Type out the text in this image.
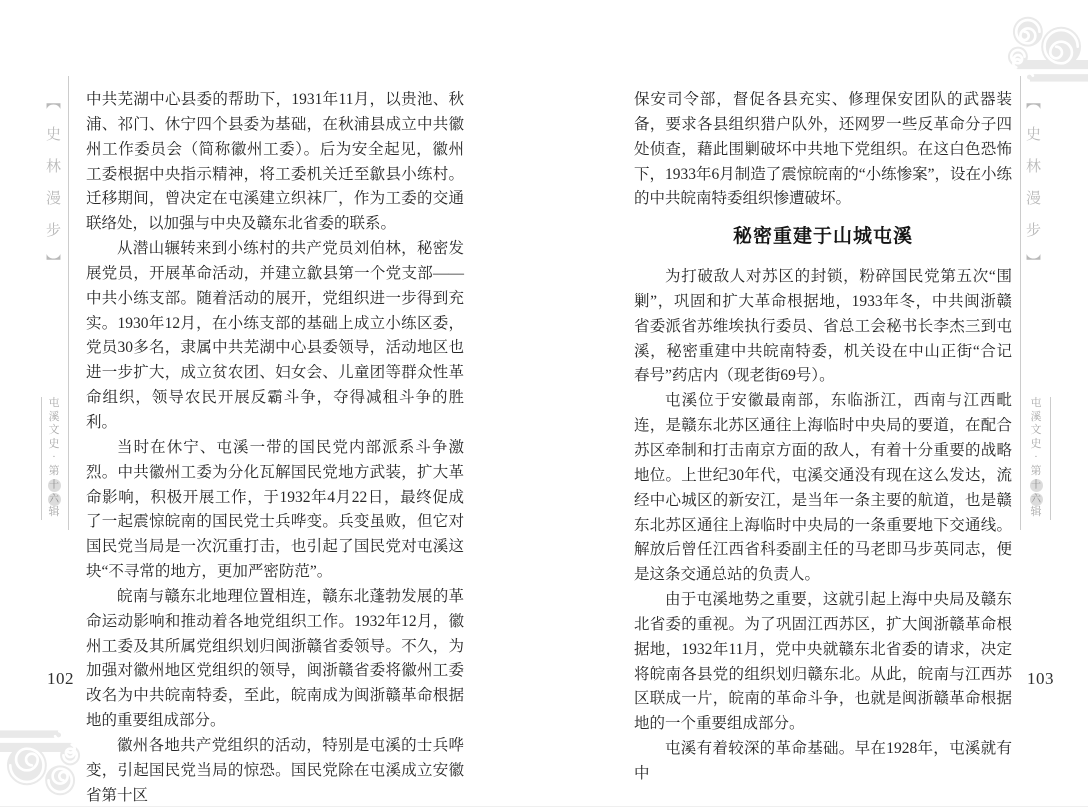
【史林漫步】
屯
溪
文
史
·
第
十
六
辑
102
【史林漫步】
屯
溪
文
史
·
第
十
六
辑
103

中共芜湖中心县委的帮助下，1931年11月，以贵池、秋浦、祁门、休宁四个县委为基础，在秋浦县成立中共徽州工作委员会（简称徽州工委）。后为安全起见，徽州工委根据中央指示精神，将工委机关迁至歙县小练村。迁移期间，曾决定在屯溪建立织袜厂，作为工委的交通联络处，以加强与中央及赣东北省委的联系。

从潜山辗转来到小练村的共产党员刘伯林，秘密发展党员，开展革命活动，并建立歙县第一个党支部——中共小练支部。随着活动的展开，党组织进一步得到充实。1930年12月，在小练支部的基础上成立小练区委，党员30多名，隶属中共芜湖中心县委领导，活动地区也进一步扩大，成立贫农团、妇女会、儿童团等群众性革命组织，领导农民开展反霸斗争，夺得减租斗争的胜利。

当时在休宁、屯溪一带的国民党内部派系斗争激烈。中共徽州工委为分化瓦解国民党地方武装，扩大革命影响，积极开展工作，于1932年4月22日，最终促成了一起震惊皖南的国民党士兵哗变。兵变虽败，但它对国民党当局是一次沉重打击，也引起了国民党对屯溪这块“不寻常的地方，更加严密防范”。

皖南与赣东北地理位置相连，赣东北蓬勃发展的革命运动影响和推动着各地党组织工作。1932年12月，徽州工委及其所属党组织划归闽浙赣省委领导。不久，为加强对徽州地区党组织的领导，闽浙赣省委将徽州工委改名为中共皖南特委，至此，皖南成为闽浙赣革命根据地的重要组成部分。

徽州各地共产党组织的活动，特别是屯溪的士兵哗变，引起国民党当局的惊恐。国民党除在屯溪成立安徽省第十区

保安司令部，督促各县充实、修理保安团队的武器装备，要求各县组织猎户队外，还网罗一些反革命分子四处侦查，藉此围剿破坏中共地下党组织。在这白色恐怖下，1933年6月制造了震惊皖南的“小练惨案”，设在小练的中共皖南特委组织惨遭破坏。

秘密重建于山城屯溪

为打破敌人对苏区的封锁，粉碎国民党第五次“围剿”，巩固和扩大革命根据地，1933年冬，中共闽浙赣省委派省苏维埃执行委员、省总工会秘书长李杰三到屯溪，秘密重建中共皖南特委，机关设在中山正街“合记春号”药店内（现老街69号）。

屯溪位于安徽最南部，东临浙江，西南与江西毗连，是赣东北苏区通往上海临时中央局的要道，在配合苏区牵制和打击南京方面的敌人，有着十分重要的战略地位。上世纪30年代，屯溪交通没有现在这么发达，流经中心城区的新安江，是当年一条主要的航道，也是赣东北苏区通往上海临时中央局的一条重要地下交通线。解放后曾任江西省科委副主任的马老即马步英同志，便是这条交通总站的负责人。

由于屯溪地势之重要，这就引起上海中央局及赣东北省委的重视。为了巩固江西苏区，扩大闽浙赣革命根据地，1932年11月，党中央就赣东北省委的请求，决定将皖南各县党的组织划归赣东北。从此，皖南与江西苏区联成一片，皖南的革命斗争，也就是闽浙赣革命根据地的一个重要组成部分。

屯溪有着较深的革命基础。早在1928年，屯溪就有中
